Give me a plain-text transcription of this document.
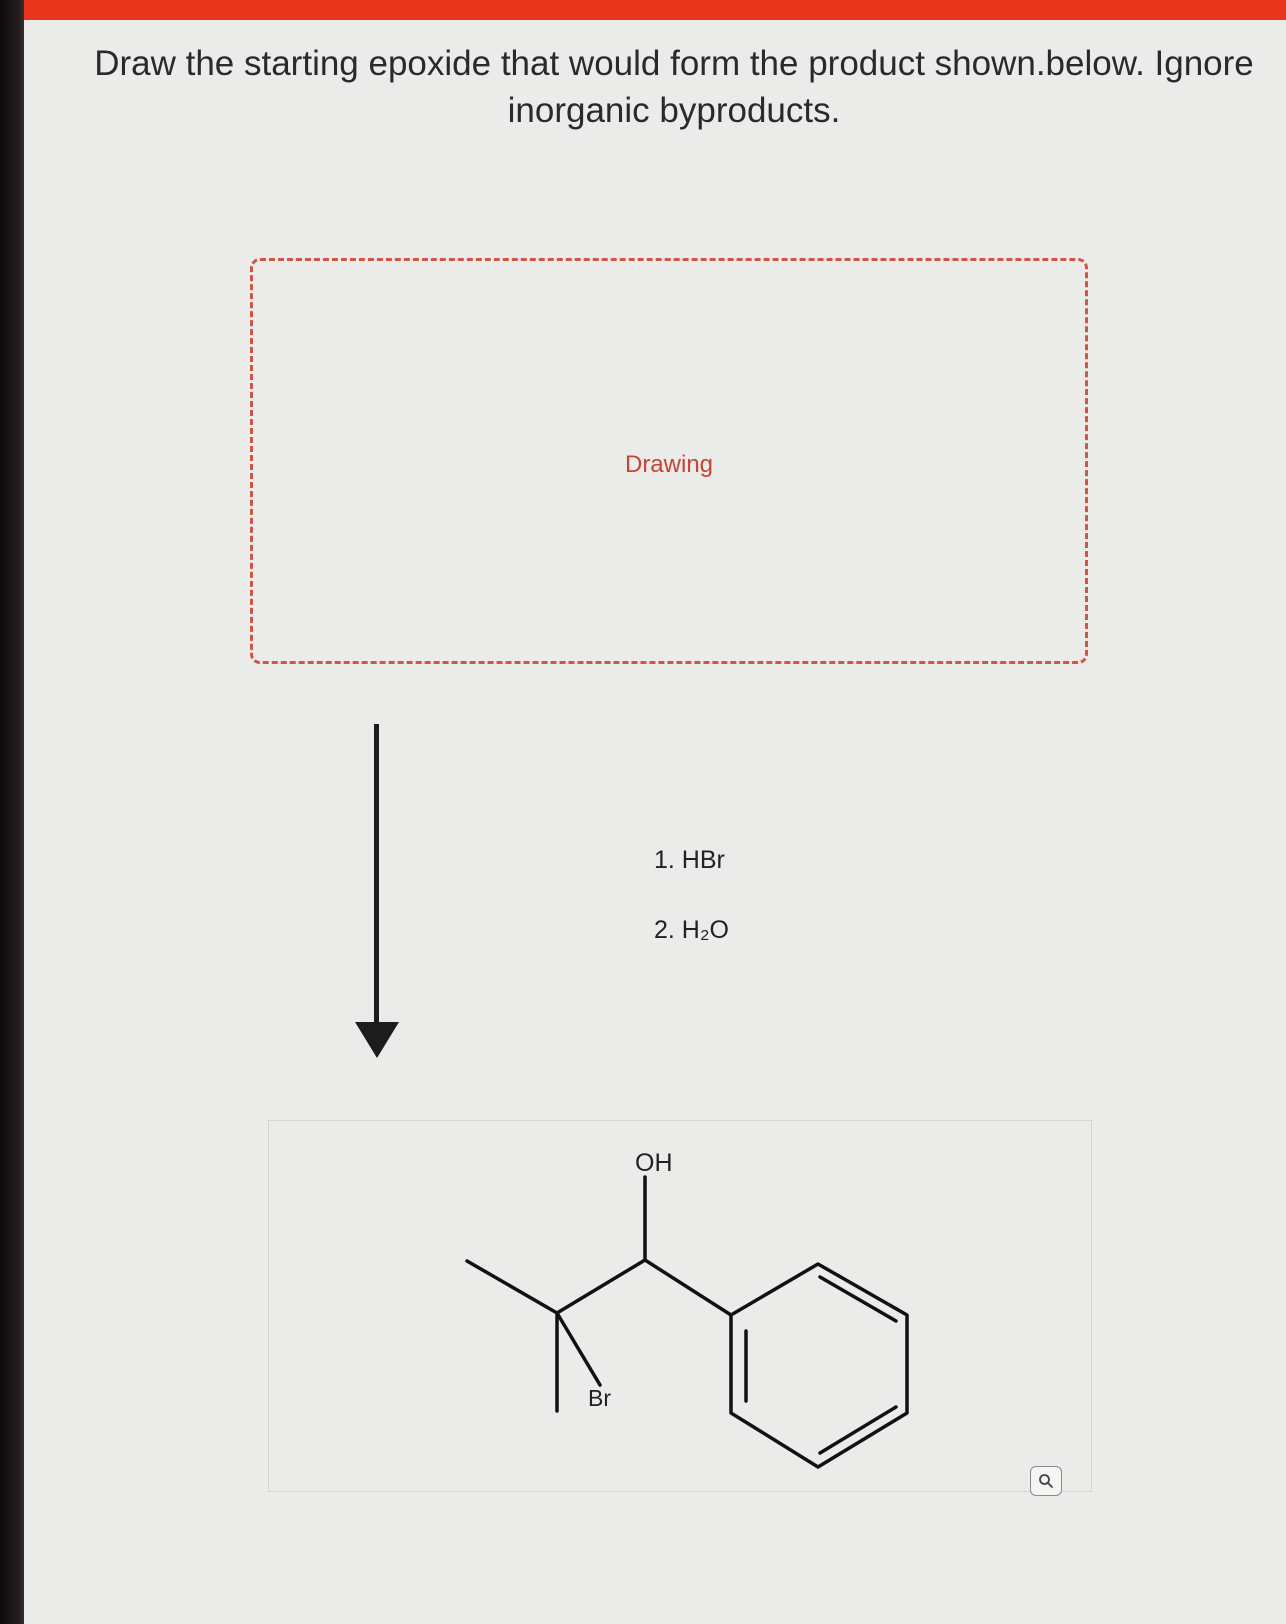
Draw the starting epoxide that would form the product shown.below. Ignore inorganic byproducts.

Drawing
1. HBr
2. H₂O
OH
Br
